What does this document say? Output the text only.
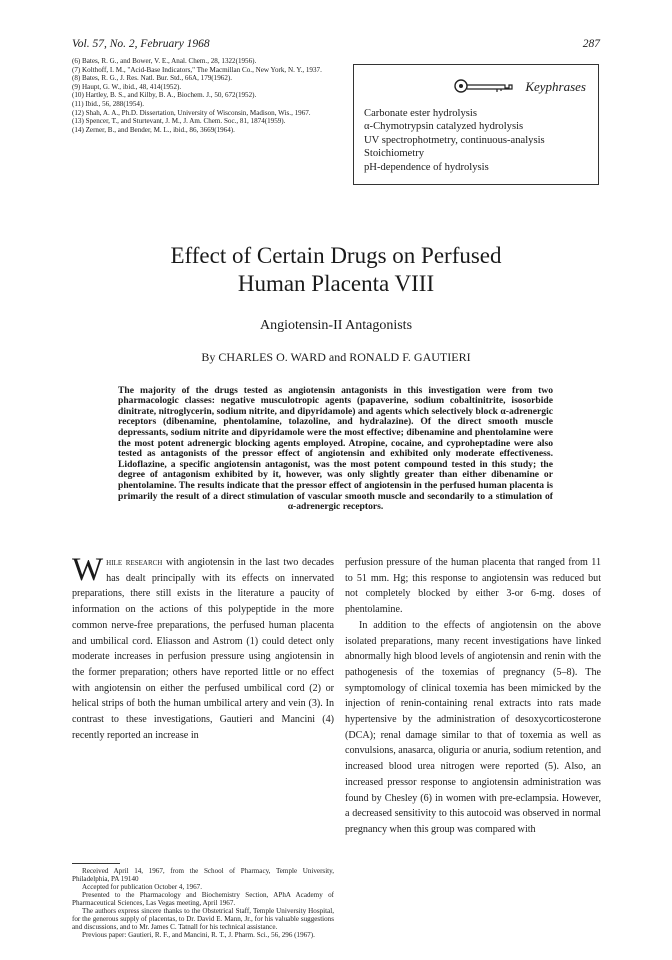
Vol. 57, No. 2, February 1968	287

(6) Bates, R. G., and Bower, V. E., Anal. Chem., 28, 1322(1956).

(7) Kolthoff, I. M., "Acid-Base Indicators," The Macmillan Co., New York, N. Y., 1937.

(8) Bates, R. G., J. Res. Natl. Bur. Std., 66A, 179(1962).

(9) Haupt, G. W., ibid., 48, 414(1952).

(10) Hartley, B. S., and Kilby, B. A., Biochem. J., 50, 672(1952).

(11) Ibid., 56, 288(1954).

(12) Shah, A. A., Ph.D. Dissertation, University of Wisconsin, Madison, Wis., 1967.

(13) Spencer, T., and Sturtevant, J. M., J. Am. Chem. Soc., 81, 1874(1959).

(14) Zerner, B., and Bender, M. L., ibid., 86, 3669(1964).

Keyphrases
Carbonate ester hydrolysis
α-Chymotrypsin catalyzed hydrolysis
UV spectrophotmetry, continuous-analysis
Stoichiometry
pH-dependence of hydrolysis
Effect of Certain Drugs on Perfused
Human Placenta VIII
Angiotensin-II Antagonists

By CHARLES O. WARD and RONALD F. GAUTIERI

The majority of the drugs tested as angiotensin antagonists in this investigation were from two pharmacologic classes: negative musculotropic agents (papaverine, sodium cobaltinitrite, isosorbide dinitrate, nitroglycerin, sodium nitrite, and dipyridamole) and agents which selectively block α-adrenergic receptors (dibenamine, phentolamine, tolazoline, and hydralazine). Of the direct smooth muscle depressants, sodium nitrite and dipyridamole were the most effective; dibenamine and phentolamine were the most potent adrenergic blocking agents employed. Atropine, cocaine, and cyproheptadine were also tested as antagonists of the pressor effect of angiotensin and exhibited only moderate effectiveness. Lidoflazine, a specific angiotensin antagonist, was the most potent compound tested in this study; the degree of antagonism exhibited by it, however, was only slightly greater than either dibenamine or phentolamine. The results indicate that the pressor effect of angiotensin in the perfused human placenta is primarily the result of a direct stimulation of vascular smooth muscle and secondarily to a stimulation of α-adrenergic receptors.

While research with angiotensin in the last two decades has dealt principally with its effects on innervated preparations, there still exists in the literature a paucity of information on the actions of this polypeptide in the more common nerve-free preparations, the perfused human placenta and umbilical cord. Eliasson and Astrom (1) could detect only moderate increases in perfusion pressure using angiotensin in the former preparation; others have reported little or no effect with angiotensin on either the perfused umbilical cord (2) or helical strips of both the human umbilical artery and vein (3). In contrast to these investigations, Gautieri and Mancini (4) recently reported an increase in

perfusion pressure of the human placenta that ranged from 11 to 51 mm. Hg; this response to angiotensin was reduced but not completely blocked by either 3-or 6-mg. doses of phentolamine.

In addition to the effects of angiotensin on the above isolated preparations, many recent investigations have linked abnormally high blood levels of angiotensin and renin with the pathogenesis of the toxemias of pregnancy (5–8). The symptomology of clinical toxemia has been mimicked by the injection of renin-containing renal extracts into rats made hypertensive by the administration of desoxycorticosterone (DCA); renal damage similar to that of toxemia as well as convulsions, anasarca, oliguria or anuria, sodium retention, and increased blood urea nitrogen were reported (5). Also, an increased pressor response to angiotensin administration was found by Chesley (6) in women with pre-eclampsia. However, a decreased sensitivity to this autocoid was observed in normal pregnancy when this group was compared with

Received April 14, 1967, from the School of Pharmacy, Temple University, Philadelphia, PA 19140

Accepted for publication October 4, 1967.

Presented to the Pharmacology and Biochemistry Section, APhA Academy of Pharmaceutical Sciences, Las Vegas meeting, April 1967.

The authors express sincere thanks to the Obstetrical Staff, Temple University Hospital, for the generous supply of placentas, to Dr. David E. Mann, Jr., for his valuable suggestions and discussions, and to Mr. James C. Tatnall for his technical assistance.

Previous paper: Gautieri, R. F., and Mancini, R. T., J. Pharm. Sci., 56, 296 (1967).
